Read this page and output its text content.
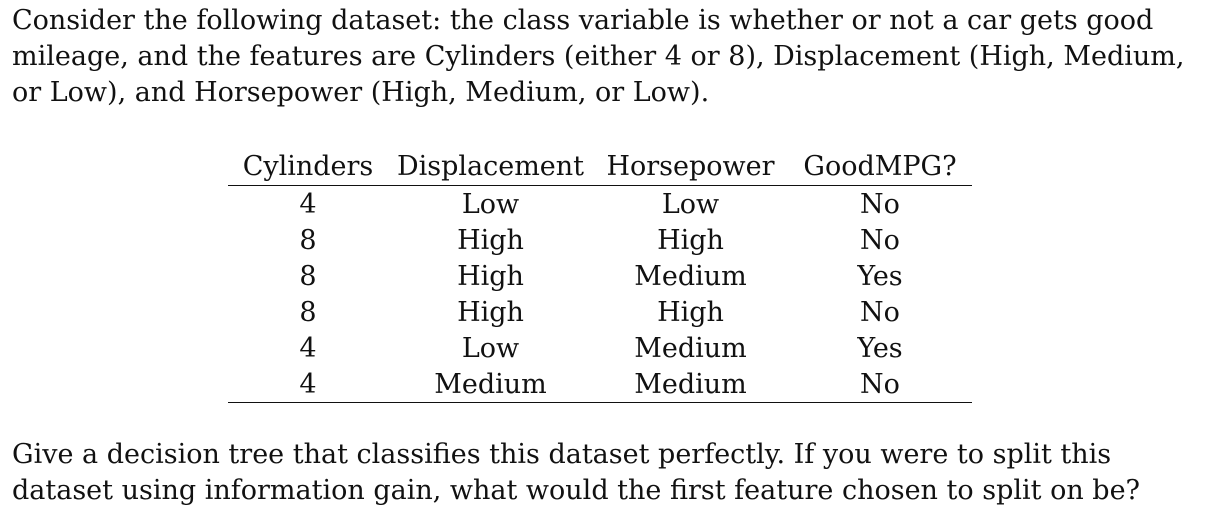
Consider the following dataset: the class variable is whether or not a car gets good mileage, and the features are Cylinders (either 4 or 8), Displacement (High, Medium, or Low), and Horsepower (High, Medium, or Low).

Cylinders	Displacement	Horsepower	GoodMPG?
4	Low	Low	No
8	High	High	No
8	High	Medium	Yes
8	High	High	No
4	Low	Medium	Yes
4	Medium	Medium	No

Give a decision tree that classifies this dataset perfectly. If you were to split this dataset using information gain, what would the first feature chosen to split on be?
